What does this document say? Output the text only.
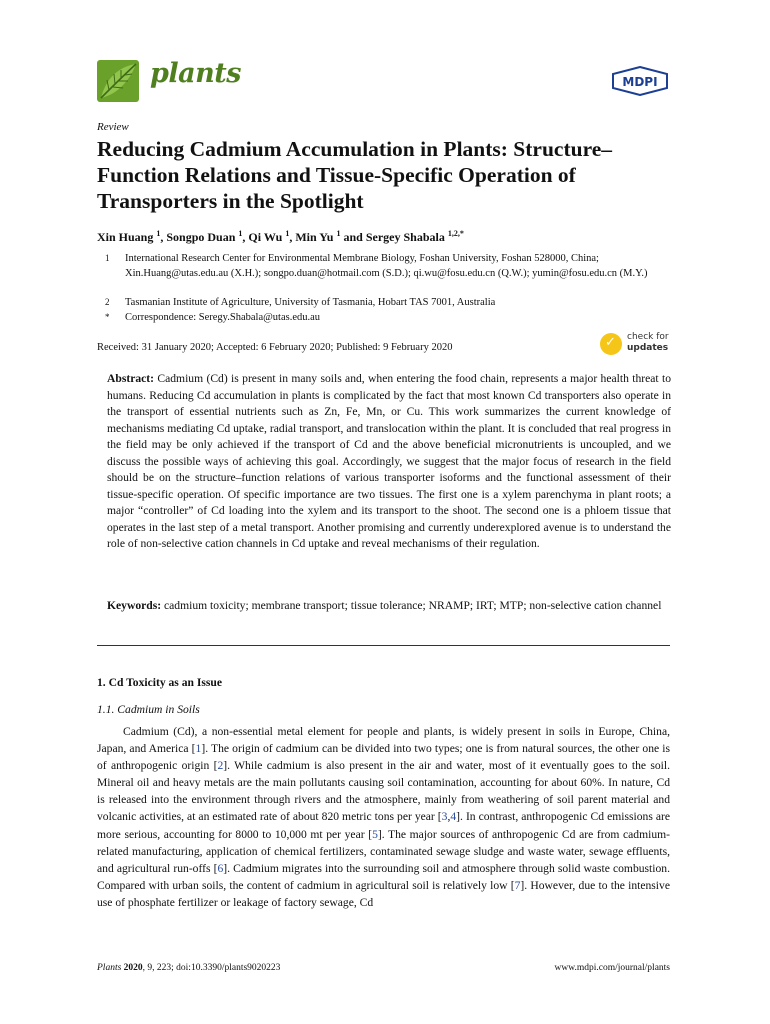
plants	MDPI
Review
Reducing Cadmium Accumulation in Plants: Structure–Function Relations and Tissue-Specific Operation of Transporters in the Spotlight
Xin Huang $^1$, Songpo Duan $^1$, Qi Wu $^1$, Min Yu $^1$ and Sergey Shabala $^{1,2,*}$
1	International Research Center for Environmental Membrane Biology, Foshan University, Foshan 528000, China; Xin.Huang@utas.edu.au (X.H.); songpo.duan@hotmail.com (S.D.); qi.wu@fosu.edu.cn (Q.W.); yumin@fosu.edu.cn (M.Y.)
2	Tasmanian Institute of Agriculture, University of Tasmania, Hobart TAS 7001, Australia
*	Correspondence: Seregy.Shabala@utas.edu.au
Received: 31 January 2020; Accepted: 6 February 2020; Published: 9 February 2020	✓ check for
updates
Abstract: Cadmium (Cd) is present in many soils and, when entering the food chain, represents a major health threat to humans. Reducing Cd accumulation in plants is complicated by the fact that most known Cd transporters also operate in the transport of essential nutrients such as Zn, Fe, Mn, or Cu. This work summarizes the current knowledge of mechanisms mediating Cd uptake, radial transport, and translocation within the plant. It is concluded that real progress in the field may be only achieved if the transport of Cd and the above beneficial micronutrients is uncoupled, and we discuss the possible ways of achieving this goal. Accordingly, we suggest that the major focus of research in the field should be on the structure–function relations of various transporter isoforms and the functional assessment of their tissue-specific operation. Of specific importance are two tissues. The first one is a xylem parenchyma in plant roots; a major “controller” of Cd loading into the xylem and its transport to the shoot. The second one is a phloem tissue that operates in the last step of a metal transport. Another promising and currently underexplored avenue is to understand the role of non-selective cation channels in Cd uptake and reveal mechanisms of their regulation.
Keywords: cadmium toxicity; membrane transport; tissue tolerance; NRAMP; IRT; MTP; non-selective cation channel
1. Cd Toxicity as an Issue
1.1. Cadmium in Soils
Cadmium (Cd), a non-essential metal element for people and plants, is widely present in soils in Europe, China, Japan, and America [1]. The origin of cadmium can be divided into two types; one is from natural sources, the other one is of anthropogenic origin [2]. While cadmium is also present in the air and water, most of it eventually goes to the soil. Mineral oil and heavy metals are the main pollutants causing soil contamination, accounting for about 60%. In nature, Cd is released into the environment through rivers and the atmosphere, mainly from weathering of soil parent material and volcanic activities, at an estimated rate of about 820 metric tons per year [3,4]. In contrast, anthropogenic Cd emissions are more serious, accounting for 8000 to 10,000 mt per year [5]. The major sources of anthropogenic Cd are from cadmium-related manufacturing, application of chemical fertilizers, contaminated sewage sludge and waste water, sewage effluents, and agricultural run-offs [6]. Cadmium migrates into the surrounding soil and atmosphere through solid waste combustion. Compared with urban soils, the content of cadmium in agricultural soil is relatively low [7]. However, due to the intensive use of phosphate fertilizer or leakage of factory sewage, Cd
Plants 2020, 9, 223; doi:10.3390/plants9020223	www.mdpi.com/journal/plants
